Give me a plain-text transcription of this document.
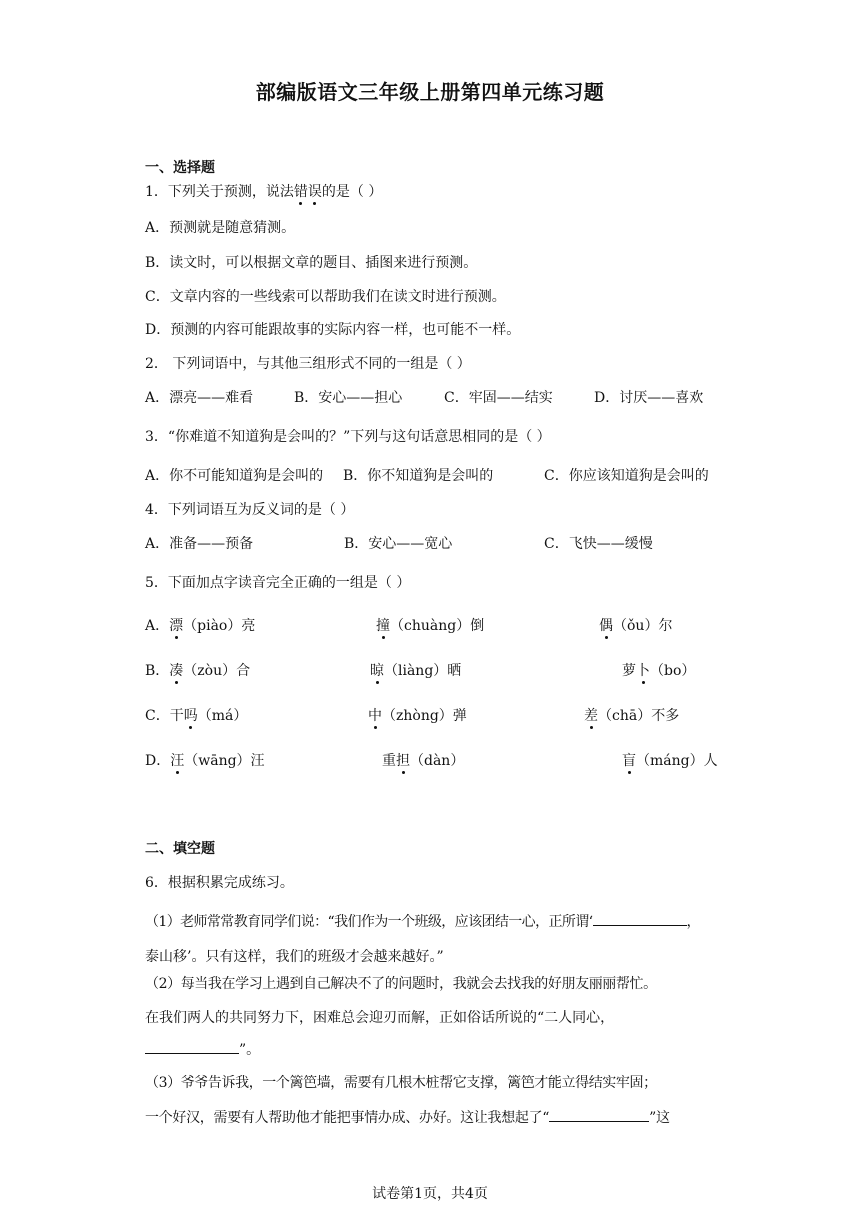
部编版语文三年级上册第四单元练习题
一、选择题
1．下列关于预测，说法错误的是（ ）
A．预测就是随意猜测。
B．读文时，可以根据文章的题目、插图来进行预测。
C．文章内容的一些线索可以帮助我们在读文时进行预测。
D．预测的内容可能跟故事的实际内容一样，也可能不一样。
2． 下列词语中，与其他三组形式不同的一组是（ ）
A．漂亮——难看	B．安心——担心	C．牢固——结实	D．讨厌——喜欢
3．“你难道不知道狗是会叫的？”下列与这句话意思相同的是（ ）
A．你不可能知道狗是会叫的 B．你不知道狗是会叫的	C．你应该知道狗是会叫的
4．下列词语互为反义词的是（ ）
A．准备——预备	B．安心——宽心	C．飞快——缓慢
5．下面加点字读音完全正确的一组是（ ）
A．漂（piào）亮	撞（chuàng）倒	偶（ǒu）尔
B．凑（zòu）合	晾（liàng）晒	萝卜（bo）
C．干吗（má）	中（zhòng）弹	差（chā）不多
D．汪（wāng）汪	重担（dàn）	盲（máng）人
二、填空题
6．根据积累完成练习。
（1）老师常常教育同学们说：“我们作为一个班级，应该团结一心，正所谓‘	，
泰山移’。只有这样，我们的班级才会越来越好。”
（2）每当我在学习上遇到自己解决不了的问题时，我就会去找我的好朋友丽丽帮忙。
在我们两人的共同努力下，困难总会迎刃而解，正如俗话所说的“二人同心，
”。
（3）爷爷告诉我，一个篱笆墙，需要有几根木桩帮它支撑，篱笆才能立得结实牢固；
一个好汉，需要有人帮助他才能把事情办成、办好。这让我想起了“	”这
试卷第1页，共4页
